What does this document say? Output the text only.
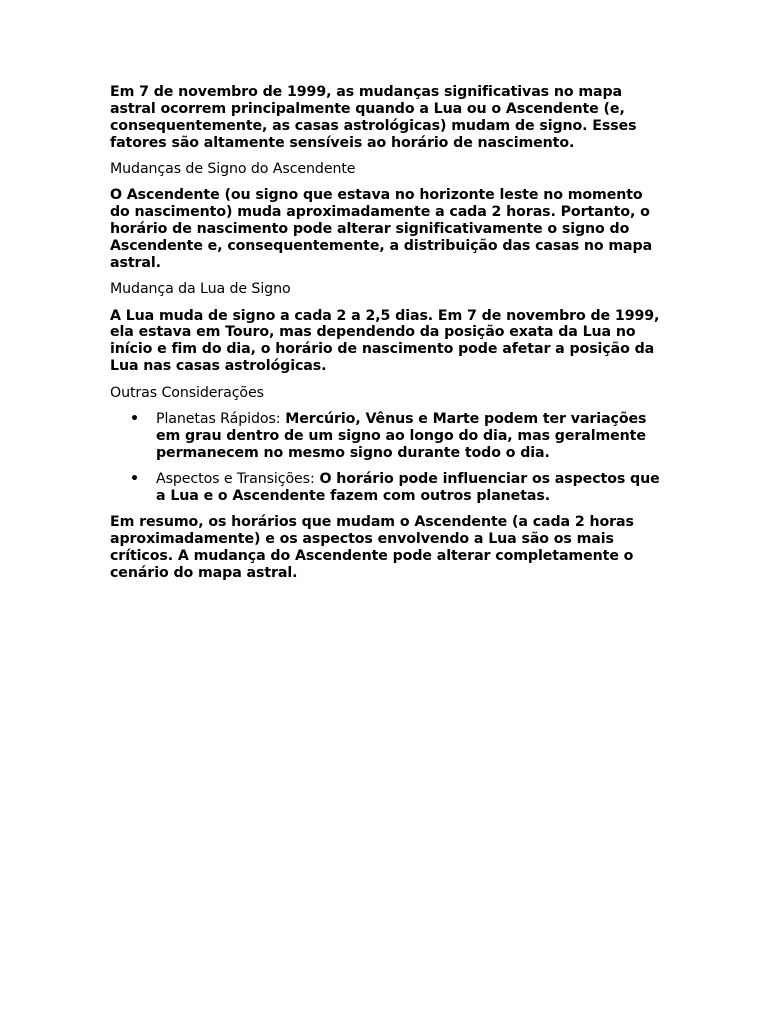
Em 7 de novembro de 1999, as mudanças significativas no mapa astral ocorrem principalmente quando a Lua ou o Ascendente (e, consequentemente, as casas astrológicas) mudam de signo. Esses fatores são altamente sensíveis ao horário de nascimento.

Mudanças de Signo do Ascendente

O Ascendente (ou signo que estava no horizonte leste no momento do nascimento) muda aproximadamente a cada 2 horas. Portanto, o horário de nascimento pode alterar significativamente o signo do Ascendente e, consequentemente, a distribuição das casas no mapa astral.

Mudança da Lua de Signo

A Lua muda de signo a cada 2 a 2,5 dias. Em 7 de novembro de 1999, ela estava em Touro, mas dependendo da posição exata da Lua no início e fim do dia, o horário de nascimento pode afetar a posição da Lua nas casas astrológicas.

Outras Considerações

• Planetas Rápidos: Mercúrio, Vênus e Marte podem ter variações em grau dentro de um signo ao longo do dia, mas geralmente permanecem no mesmo signo durante todo o dia.
• Aspectos e Transições: O horário pode influenciar os aspectos que a Lua e o Ascendente fazem com outros planetas.

Em resumo, os horários que mudam o Ascendente (a cada 2 horas aproximadamente) e os aspectos envolvendo a Lua são os mais críticos. A mudança do Ascendente pode alterar completamente o cenário do mapa astral.
